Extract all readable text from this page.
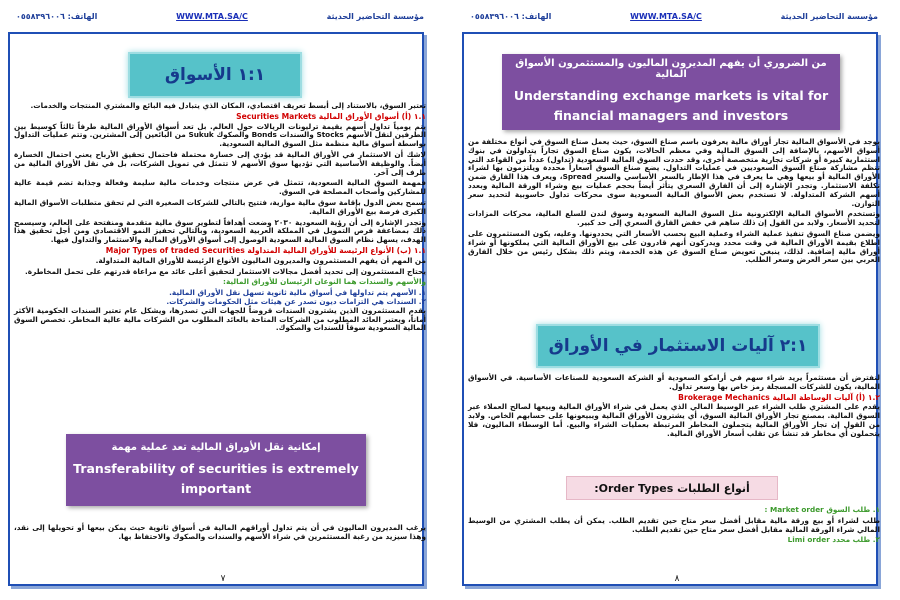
مؤسسة التحاضير الحديثة
WWW.MTA.SA/C
الهاتف: ٠٥٥٨٣٩٦٠٠٦
١:١ الأسواق

تعتبر السوق، بالاستناد إلى أبسط تعريف اقتصادي، المكان الذي يتبادل فيه البائع والمشتري المنتجات والخدمات.

١.١ (أ) أسواق الأوراق المالية Securities Markets

يتم يومياً تداول أسهم بقيمة ترليونات الريالات حول العالم. بل تعد أسواق الأوراق المالية طرفاً ثالثاً كوسيط بين الطرفين لنقل الأسهم Stocks والسندات Bonds والصكوك Sukuk من البائعين إلى المشترين. وتتم عمليات التداول بواسطة أسواق مالية منظمة مثل السوق المالية السعودية.

لاشك أن الاستثمار في الأوراق المالية قد يؤدي إلى خسارة محتملة فاحتمال تحقيق الأرباح يعني احتمال الخسارة أيضاً. والوظيفة الأساسية التي تؤديها سوق الأسهم لا تتمثل في تمويل الشركات، بل في نقل الأوراق المالية من طرف إلى آخر.

فمهمة السوق المالية السعودية، تتمثل في عرض منتجات وخدمات مالية سليمة وفعالة وجذابة تضم قيمة عالية للمشاركين وأصحاب المصلحة في السوق.

تسمح بعض الدول بإقامة سوق مالية موازية، فتتيح بالتالي للشركات الصغيرة التي لم تحقق متطلبات الأسواق المالية الكبرى فرصة بيع الأوراق المالية.

وتجدر الإشارة إلى أن رؤية السعودية ٢٠٣٠ وضعت أهدافاً لتطوير سوق مالية متقدمة ومنفتحة على العالم، وسيسمح ذلك بمضاعفة فرص التمويل في المملكة العربية السعودية، وبالتالي تحفيز النمو الاقتصادي ومن أجل تحقيق هذا الهدف، يسهل نظام السوق المالية السعودية الوصول إلى أسواق الأوراق المالية والاستثمار والتداول فيها.

١.١ (ب) الأنواع الرئيسة للأوراق المالية المتداولة Major Types of traded Securities

من المهم أن يفهم المستثمرون والمديرون الماليون الأنواع الرئيسة للأوراق المالية المتداولة.

يحتاج المستثمرون إلى تحديد أفضل مجالات الاستثمار لتحقيق أعلى عائد مع مراعاة قدرتهم على تحمل المخاطرة.

والأسهم والسندات هما النوعان الرئيسان للأوراق المالية:

١. الأسهم يتم تداولها في أسواق مالية ثانوية تسهل نقل الأوراق المالية.
٢. السندات هي التزامات ديون تصدر عن هيئات مثل الحكومات والشركات.

يقدم المستثمرون الذين يشترون السندات قروضاً للجهات التي تصدرها، ويشكل عام تعتبر السندات الحكومية الأكثر أماناً، ويعتبر العائد المطلوب من الشركات المتاحة بالعائد المطلوب من الشركات مالية عالية المخاطر. تخصص السوق المالية السعودية سوقاً للسندات والصكوك.

إمكانية نقل الأوراق المالية تعد عملية مهمة
Transferability of securities is extremely important

يرغب المديرون الماليون في أن يتم تداول أوراقهم المالية في أسواق ثانوية حيث يمكن بيعها أو تحويلها إلى نقد، وهذا سيزيد من رغبة المستثمرين في شراء الأسهم والسندات والصكوك والاحتفاظ بها.

٧
مؤسسة التحاضير الحديثة
WWW.MTA.SA/C
الهاتف: ٠٥٥٨٣٩٦٠٠٦
من الضروري أن يفهم المديرون الماليون والمستثمرون الأسواق المالية
Understanding exchange markets is vital for financial managers and investors

يوجد في الأسواق المالية تجار أوراق مالية يعرفون باسم صناع السوق، حيث يعمل صناع السوق في أنواع مختلفة من أسواق الأسهم، بالإضافة إلى السوق المالية وفي معظم الحالات، يكون صناع السوق تجاراً يتداولون في بنوك استثمارية كبيرة أو شركات تجارية متخصصة أخرى، وقد حددت السوق المالية السعودية (تداول) عدداً من القواعد التي تنظم مشاركة صناع السوق السعوديين في عمليات التداول. يضع صناع السوق أسعاراً محددة ويلتزمون بها لشراء الأوراق المالية أو بيعها وهي ما يعرف في هذا الإطار بالسعر الأساسي والسعر Spread، ويعرف هذا الفارق ضمن تكلفة الاستثمار. وتجدر الإشارة إلى أن الفارق السعري يتأثر أيضاً بحجم عمليات بيع وشراء الورقة المالية وبعدد أسهم الشركة المتداولة. لا تستخدم بعض الأسواق المالية السعودية سوى محركات تداول حاسوبية لتحديد سعر التوازن.

وتستخدم الأسواق المالية الإلكترونية مثل السوق المالية السعودية وسوق لندن للسلع المالية، محركات المزادات لتحديد الأسعار. ولابد من القول إن ذلك ساهم في خفض الفارق السعري إلى حد كبير.

ويضمن صناع السوق تنفيذ عملية الشراء وعملية البيع بحسب الأسعار التي يحددونها. وعليه، يكون المستثمرون على اطلاع بقيمة الأوراق المالية في وقت محدد ويدركون أنهم قادرون على بيع الأوراق المالية التي يملكونها أو شراء أوراق مالية إضافية. لذلك، ينبغي تعويض صناع السوق عن هذه الخدمة، ويتم ذلك بشكل رئيس من خلال الفارق العربي بين سعر العرض وسعر الطلب.

٢:١ آليات الاستثمار في الأوراق

لنفترض أن مستثمراً يريد شراء سهم في أرامكو السعودية أو الشركة السعودية للصناعات الأساسية. في الأسواق المالية، يكون للشركات المسجلة رمز خاص بها وسعر تداول.

١.٢ (أ) آليات الوساطة المالية Brokerage Mechanics

يقدم على المشتري طلب الشراء عبر الوسيط المالي الذي يعمل في شراء الأوراق المالية وبيعها لصالح العملاء عبر السوق المالية. بمصنع تجار الأوراق المالية السوق، أي يشترون الأوراق المالية ويبيعونها على حسابهم الخاص. ولابد من القول إن تجار الأوراق المالية يتحملون المخاطر المرتبطة بعمليات الشراء والبيع. أما الوسطاء الماليون، فلا يتحملون أي مخاطر قد تنشأ عن تقلب أسعار الأوراق المالية.

أنواع الطلبات Order Types:

١. طلب السوق Market order :

طلب لشراء أو بيع ورقة مالية مقابل أفضل سعر متاح حين تقديم الطلب. يمكن أن يطلب المشتري من الوسيط المالي شراء الورقة المالية مقابل أفضل سعر متاح حين تقديم الطلب.

٢. طلب محدد Limi order

٨
